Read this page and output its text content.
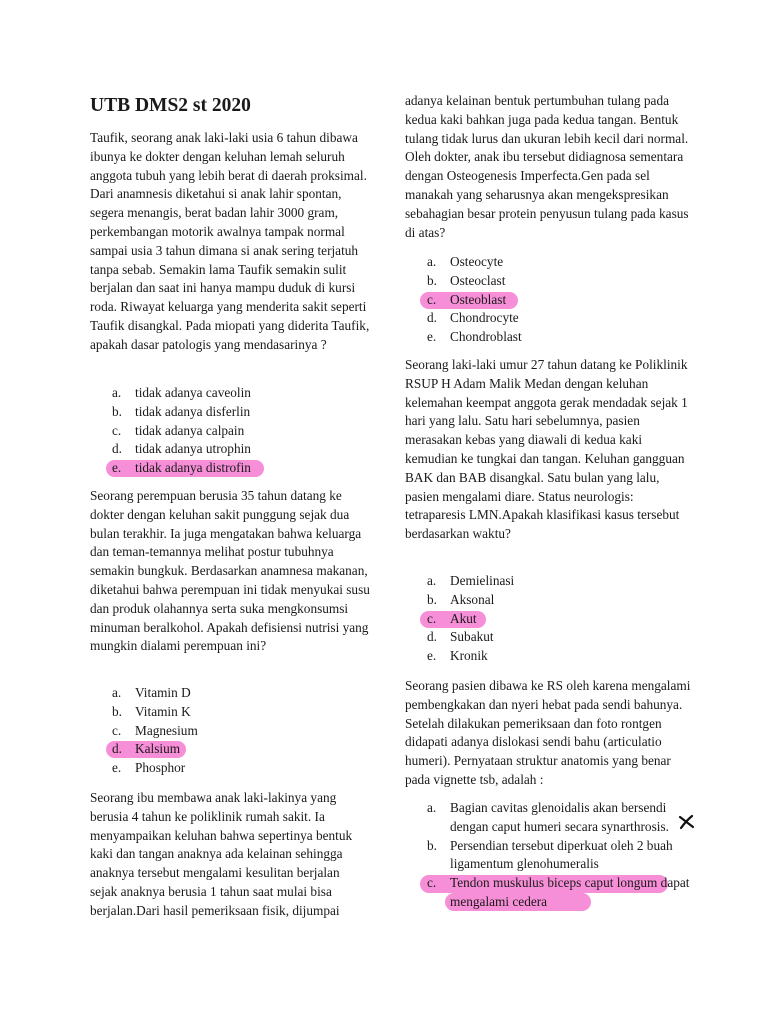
UTB DMS2 st 2020

Taufik, seorang anak laki-laki usia 6 tahun dibawa ibunya ke dokter dengan keluhan lemah seluruh anggota tubuh yang lebih berat di daerah proksimal. Dari anamnesis diketahui si anak lahir spontan, segera menangis, berat badan lahir 3000 gram, perkembangan motorik awalnya tampak normal sampai usia 3 tahun dimana si anak sering terjatuh tanpa sebab. Semakin lama Taufik semakin sulit berjalan dan saat ini hanya mampu duduk di kursi roda. Riwayat keluarga yang menderita sakit seperti Taufik disangkal. Pada miopati yang diderita Taufik, apakah dasar patologis yang mendasarinya ?

a. tidak adanya caveolin
b. tidak adanya disferlin
c. tidak adanya calpain
d. tidak adanya utrophin
e. tidak adanya distrofin

Seorang perempuan berusia 35 tahun datang ke dokter dengan keluhan sakit punggung sejak dua bulan terakhir. Ia juga mengatakan bahwa keluarga dan teman-temannya melihat postur tubuhnya semakin bungkuk. Berdasarkan anamnesa makanan, diketahui bahwa perempuan ini tidak menyukai susu dan produk olahannya serta suka mengkonsumsi minuman beralkohol. Apakah defisiensi nutrisi yang mungkin dialami perempuan ini?

a. Vitamin D
b. Vitamin K
c. Magnesium
d. Kalsium
e. Phosphor

Seorang ibu membawa anak laki-lakinya yang berusia 4 tahun ke poliklinik rumah sakit. Ia menyampaikan keluhan bahwa sepertinya bentuk kaki dan tangan anaknya ada kelainan sehingga anaknya tersebut mengalami kesulitan berjalan sejak anaknya berusia 1 tahun saat mulai bisa berjalan.Dari hasil pemeriksaan fisik, dijumpai

adanya kelainan bentuk pertumbuhan tulang pada kedua kaki bahkan juga pada kedua tangan. Bentuk tulang tidak lurus dan ukuran lebih kecil dari normal. Oleh dokter, anak ibu tersebut didiagnosa sementara dengan Osteogenesis Imperfecta.Gen pada sel manakah yang seharusnya akan mengekspresikan sebahagian besar protein penyusun tulang pada kasus di atas?

a. Osteocyte
b. Osteoclast
c. Osteoblast
d. Chondrocyte
e. Chondroblast

Seorang laki-laki umur 27 tahun datang ke Poliklinik RSUP H Adam Malik Medan dengan keluhan kelemahan keempat anggota gerak mendadak sejak 1 hari yang lalu. Satu hari sebelumnya, pasien merasakan kebas yang diawali di kedua kaki kemudian ke tungkai dan tangan. Keluhan gangguan BAK dan BAB disangkal. Satu bulan yang lalu, pasien mengalami diare. Status neurologis: tetraparesis LMN.Apakah klasifikasi kasus tersebut berdasarkan waktu?

a. Demielinasi
b. Aksonal
c. Akut
d. Subakut
e. Kronik

Seorang pasien dibawa ke RS oleh karena mengalami pembengkakan dan nyeri hebat pada sendi bahunya. Setelah dilakukan pemeriksaan dan foto rontgen didapati adanya dislokasi sendi bahu (articulatio humeri). Pernyataan struktur anatomis yang benar pada vignette tsb, adalah :

a. Bagian cavitas glenoidalis akan bersendi dengan caput humeri secara synarthrosis.
b. Persendian tersebut diperkuat oleh 2 buah ligamentum glenohumeralis
c. Tendon muskulus biceps caput longum dapat mengalami cedera
